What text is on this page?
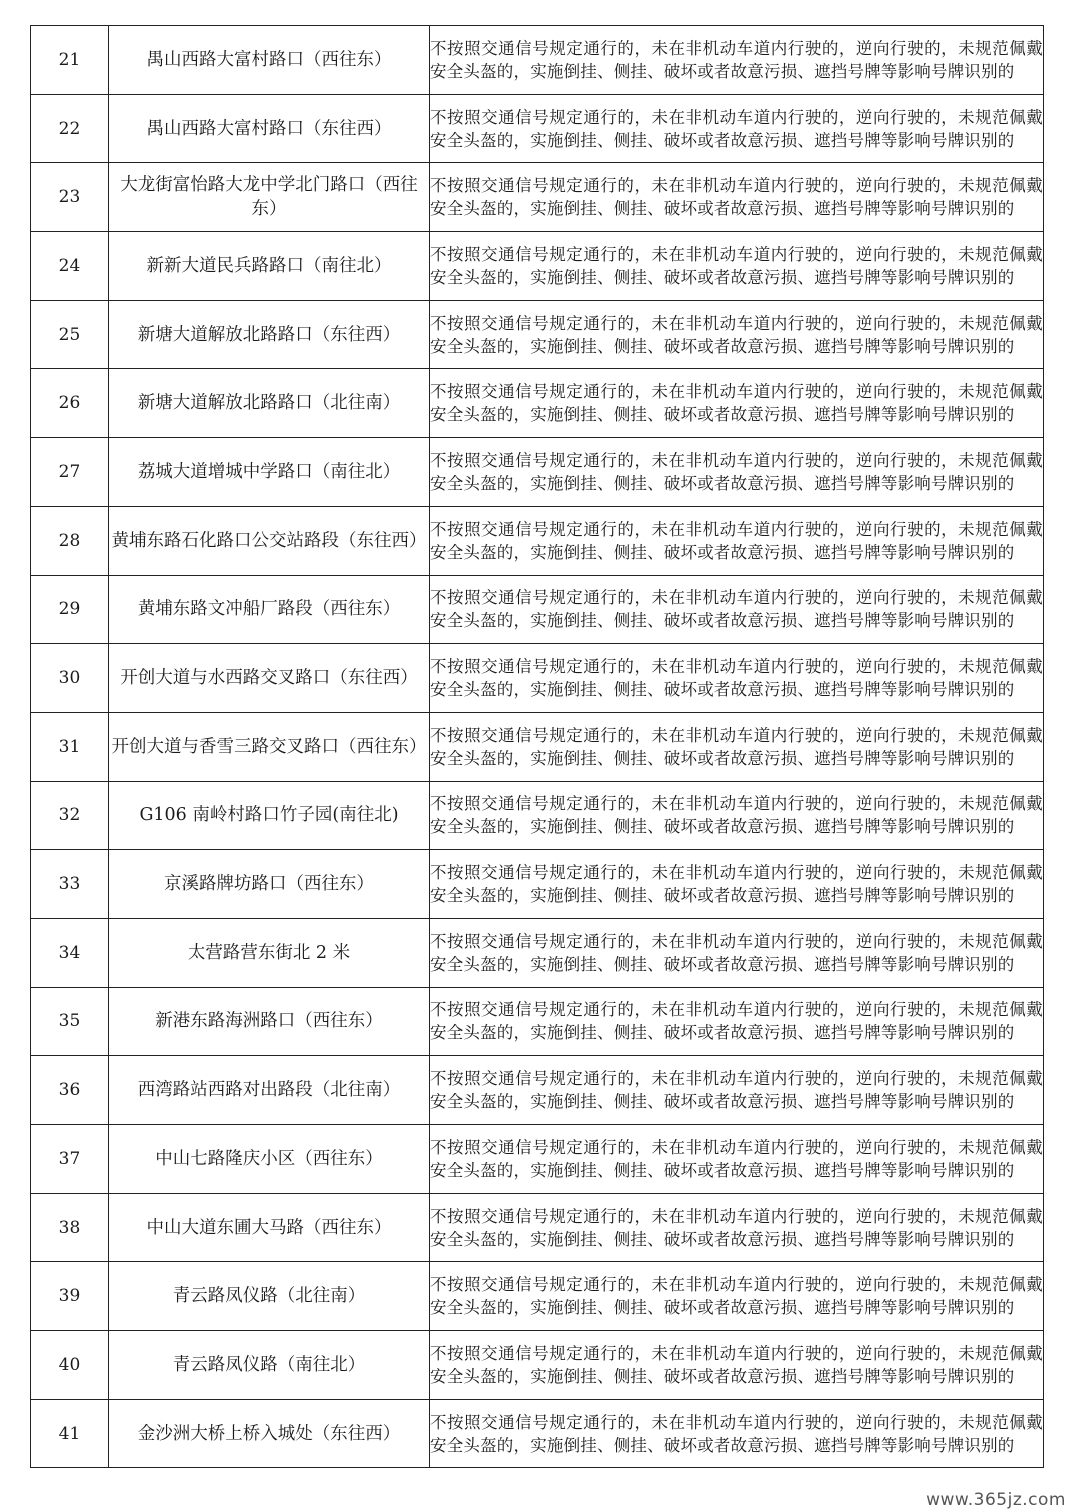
21	禺山西路大富村路口（西往东）	不按照交通信号规定通行的，未在非机动车道内行驶的，逆向行驶的，未规范佩戴安全头盔的，实施倒挂、侧挂、破坏或者故意污损、遮挡号牌等影响号牌识别的

22	禺山西路大富村路口（东往西）	不按照交通信号规定通行的，未在非机动车道内行驶的，逆向行驶的，未规范佩戴安全头盔的，实施倒挂、侧挂、破坏或者故意污损、遮挡号牌等影响号牌识别的

23	大龙街富怡路大龙中学北门路口（西往东）	不按照交通信号规定通行的，未在非机动车道内行驶的，逆向行驶的，未规范佩戴安全头盔的，实施倒挂、侧挂、破坏或者故意污损、遮挡号牌等影响号牌识别的

24	新新大道民兵路路口（南往北）	不按照交通信号规定通行的，未在非机动车道内行驶的，逆向行驶的，未规范佩戴安全头盔的，实施倒挂、侧挂、破坏或者故意污损、遮挡号牌等影响号牌识别的

25	新塘大道解放北路路口（东往西）	不按照交通信号规定通行的，未在非机动车道内行驶的，逆向行驶的，未规范佩戴安全头盔的，实施倒挂、侧挂、破坏或者故意污损、遮挡号牌等影响号牌识别的

26	新塘大道解放北路路口（北往南）	不按照交通信号规定通行的，未在非机动车道内行驶的，逆向行驶的，未规范佩戴安全头盔的，实施倒挂、侧挂、破坏或者故意污损、遮挡号牌等影响号牌识别的

27	荔城大道增城中学路口（南往北）	不按照交通信号规定通行的，未在非机动车道内行驶的，逆向行驶的，未规范佩戴安全头盔的，实施倒挂、侧挂、破坏或者故意污损、遮挡号牌等影响号牌识别的

28	黄埔东路石化路口公交站路段（东往西）	不按照交通信号规定通行的，未在非机动车道内行驶的，逆向行驶的，未规范佩戴安全头盔的，实施倒挂、侧挂、破坏或者故意污损、遮挡号牌等影响号牌识别的

29	黄埔东路文冲船厂路段（西往东）	不按照交通信号规定通行的，未在非机动车道内行驶的，逆向行驶的，未规范佩戴安全头盔的，实施倒挂、侧挂、破坏或者故意污损、遮挡号牌等影响号牌识别的

30	开创大道与水西路交叉路口（东往西）	不按照交通信号规定通行的，未在非机动车道内行驶的，逆向行驶的，未规范佩戴安全头盔的，实施倒挂、侧挂、破坏或者故意污损、遮挡号牌等影响号牌识别的

31	开创大道与香雪三路交叉路口（西往东）	不按照交通信号规定通行的，未在非机动车道内行驶的，逆向行驶的，未规范佩戴安全头盔的，实施倒挂、侧挂、破坏或者故意污损、遮挡号牌等影响号牌识别的

32	G106 南岭村路口竹子园(南往北)	不按照交通信号规定通行的，未在非机动车道内行驶的，逆向行驶的，未规范佩戴安全头盔的，实施倒挂、侧挂、破坏或者故意污损、遮挡号牌等影响号牌识别的

33	京溪路牌坊路口（西往东）	不按照交通信号规定通行的，未在非机动车道内行驶的，逆向行驶的，未规范佩戴安全头盔的，实施倒挂、侧挂、破坏或者故意污损、遮挡号牌等影响号牌识别的

34	太营路营东街北 2 米	不按照交通信号规定通行的，未在非机动车道内行驶的，逆向行驶的，未规范佩戴安全头盔的，实施倒挂、侧挂、破坏或者故意污损、遮挡号牌等影响号牌识别的

35	新港东路海洲路口（西往东）	不按照交通信号规定通行的，未在非机动车道内行驶的，逆向行驶的，未规范佩戴安全头盔的，实施倒挂、侧挂、破坏或者故意污损、遮挡号牌等影响号牌识别的

36	西湾路站西路对出路段（北往南）	不按照交通信号规定通行的，未在非机动车道内行驶的，逆向行驶的，未规范佩戴安全头盔的，实施倒挂、侧挂、破坏或者故意污损、遮挡号牌等影响号牌识别的

37	中山七路隆庆小区（西往东）	不按照交通信号规定通行的，未在非机动车道内行驶的，逆向行驶的，未规范佩戴安全头盔的，实施倒挂、侧挂、破坏或者故意污损、遮挡号牌等影响号牌识别的

38	中山大道东圃大马路（西往东）	不按照交通信号规定通行的，未在非机动车道内行驶的，逆向行驶的，未规范佩戴安全头盔的，实施倒挂、侧挂、破坏或者故意污损、遮挡号牌等影响号牌识别的

39	青云路凤仪路（北往南）	不按照交通信号规定通行的，未在非机动车道内行驶的，逆向行驶的，未规范佩戴安全头盔的，实施倒挂、侧挂、破坏或者故意污损、遮挡号牌等影响号牌识别的

40	青云路凤仪路（南往北）	不按照交通信号规定通行的，未在非机动车道内行驶的，逆向行驶的，未规范佩戴安全头盔的，实施倒挂、侧挂、破坏或者故意污损、遮挡号牌等影响号牌识别的

41	金沙洲大桥上桥入城处（东往西）	不按照交通信号规定通行的，未在非机动车道内行驶的，逆向行驶的，未规范佩戴安全头盔的，实施倒挂、侧挂、破坏或者故意污损、遮挡号牌等影响号牌识别的
www.365jz.com
